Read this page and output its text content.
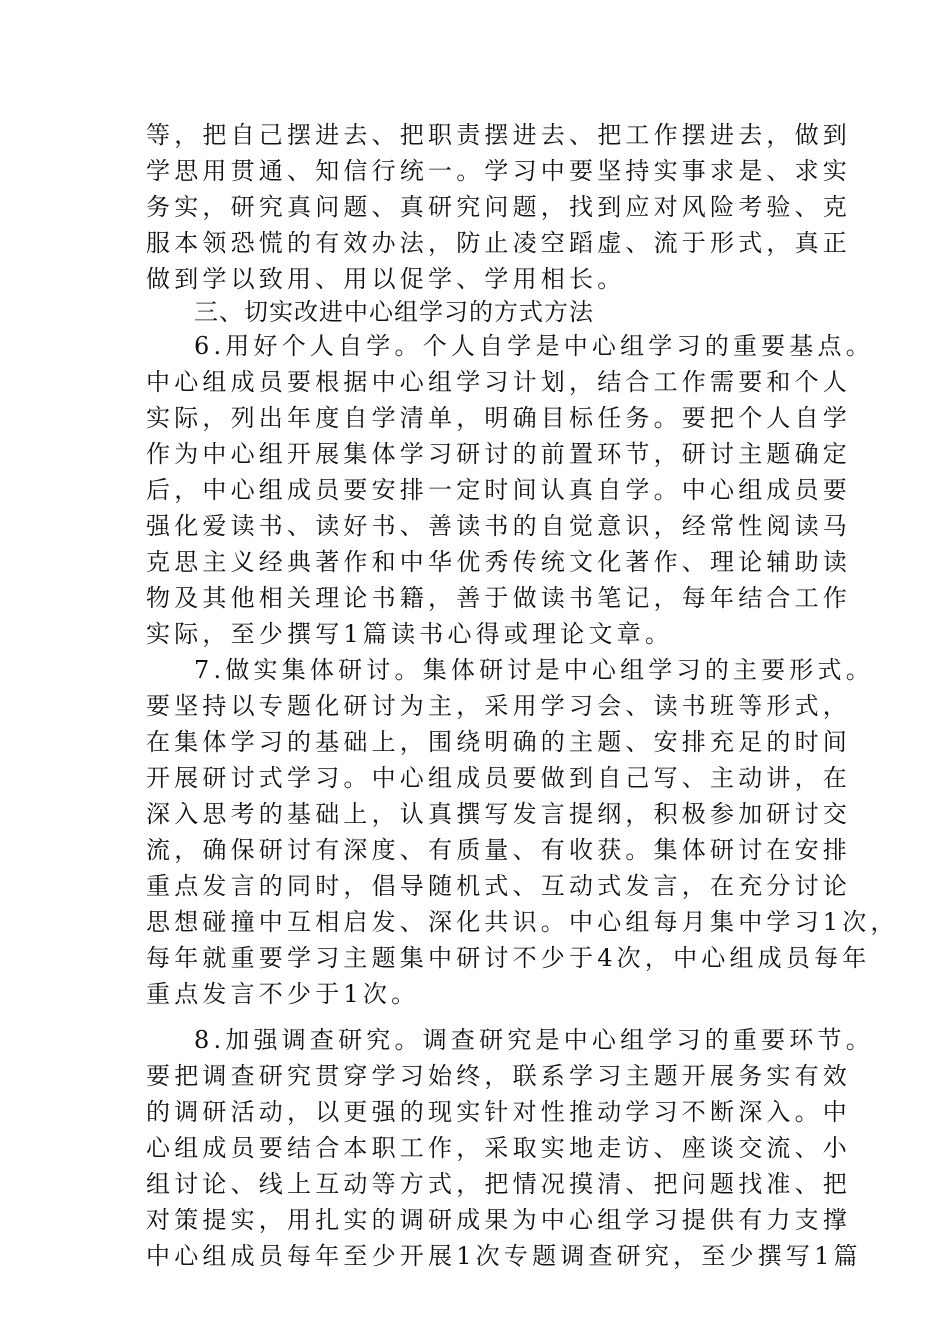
等，把自己摆进去、把职责摆进去、把工作摆进去，做到
学思用贯通、知信行统一。学习中要坚持实事求是、求实
务实，研究真问题、真研究问题，找到应对风险考验、克
服本领恐慌的有效办法，防止凌空蹈虚、流于形式，真正
做到学以致用、用以促学、学用相长。
三、切实改进中心组学习的方式方法
6.用好个人自学。个人自学是中心组学习的重要基点。
中心组成员要根据中心组学习计划，结合工作需要和个人
实际，列出年度自学清单，明确目标任务。要把个人自学
作为中心组开展集体学习研讨的前置环节，研讨主题确定
后，中心组成员要安排一定时间认真自学。中心组成员要
强化爱读书、读好书、善读书的自觉意识，经常性阅读马
克思主义经典著作和中华优秀传统文化著作、理论辅助读
物及其他相关理论书籍，善于做读书笔记，每年结合工作
实际，至少撰写1篇读书心得或理论文章。
7.做实集体研讨。集体研讨是中心组学习的主要形式。
要坚持以专题化研讨为主，采用学习会、读书班等形式，
在集体学习的基础上，围绕明确的主题、安排充足的时间
开展研讨式学习。中心组成员要做到自己写、主动讲，在
深入思考的基础上，认真撰写发言提纲，积极参加研讨交
流，确保研讨有深度、有质量、有收获。集体研讨在安排
重点发言的同时，倡导随机式、互动式发言，在充分讨论
思想碰撞中互相启发、深化共识。中心组每月集中学习1次，
每年就重要学习主题集中研讨不少于4次，中心组成员每年
重点发言不少于1次。
8.加强调查研究。调查研究是中心组学习的重要环节。
要把调查研究贯穿学习始终，联系学习主题开展务实有效
的调研活动，以更强的现实针对性推动学习不断深入。中
心组成员要结合本职工作，采取实地走访、座谈交流、小
组讨论、线上互动等方式，把情况摸清、把问题找准、把
对策提实，用扎实的调研成果为中心组学习提供有力支撑
中心组成员每年至少开展1次专题调查研究，至少撰写1篇
